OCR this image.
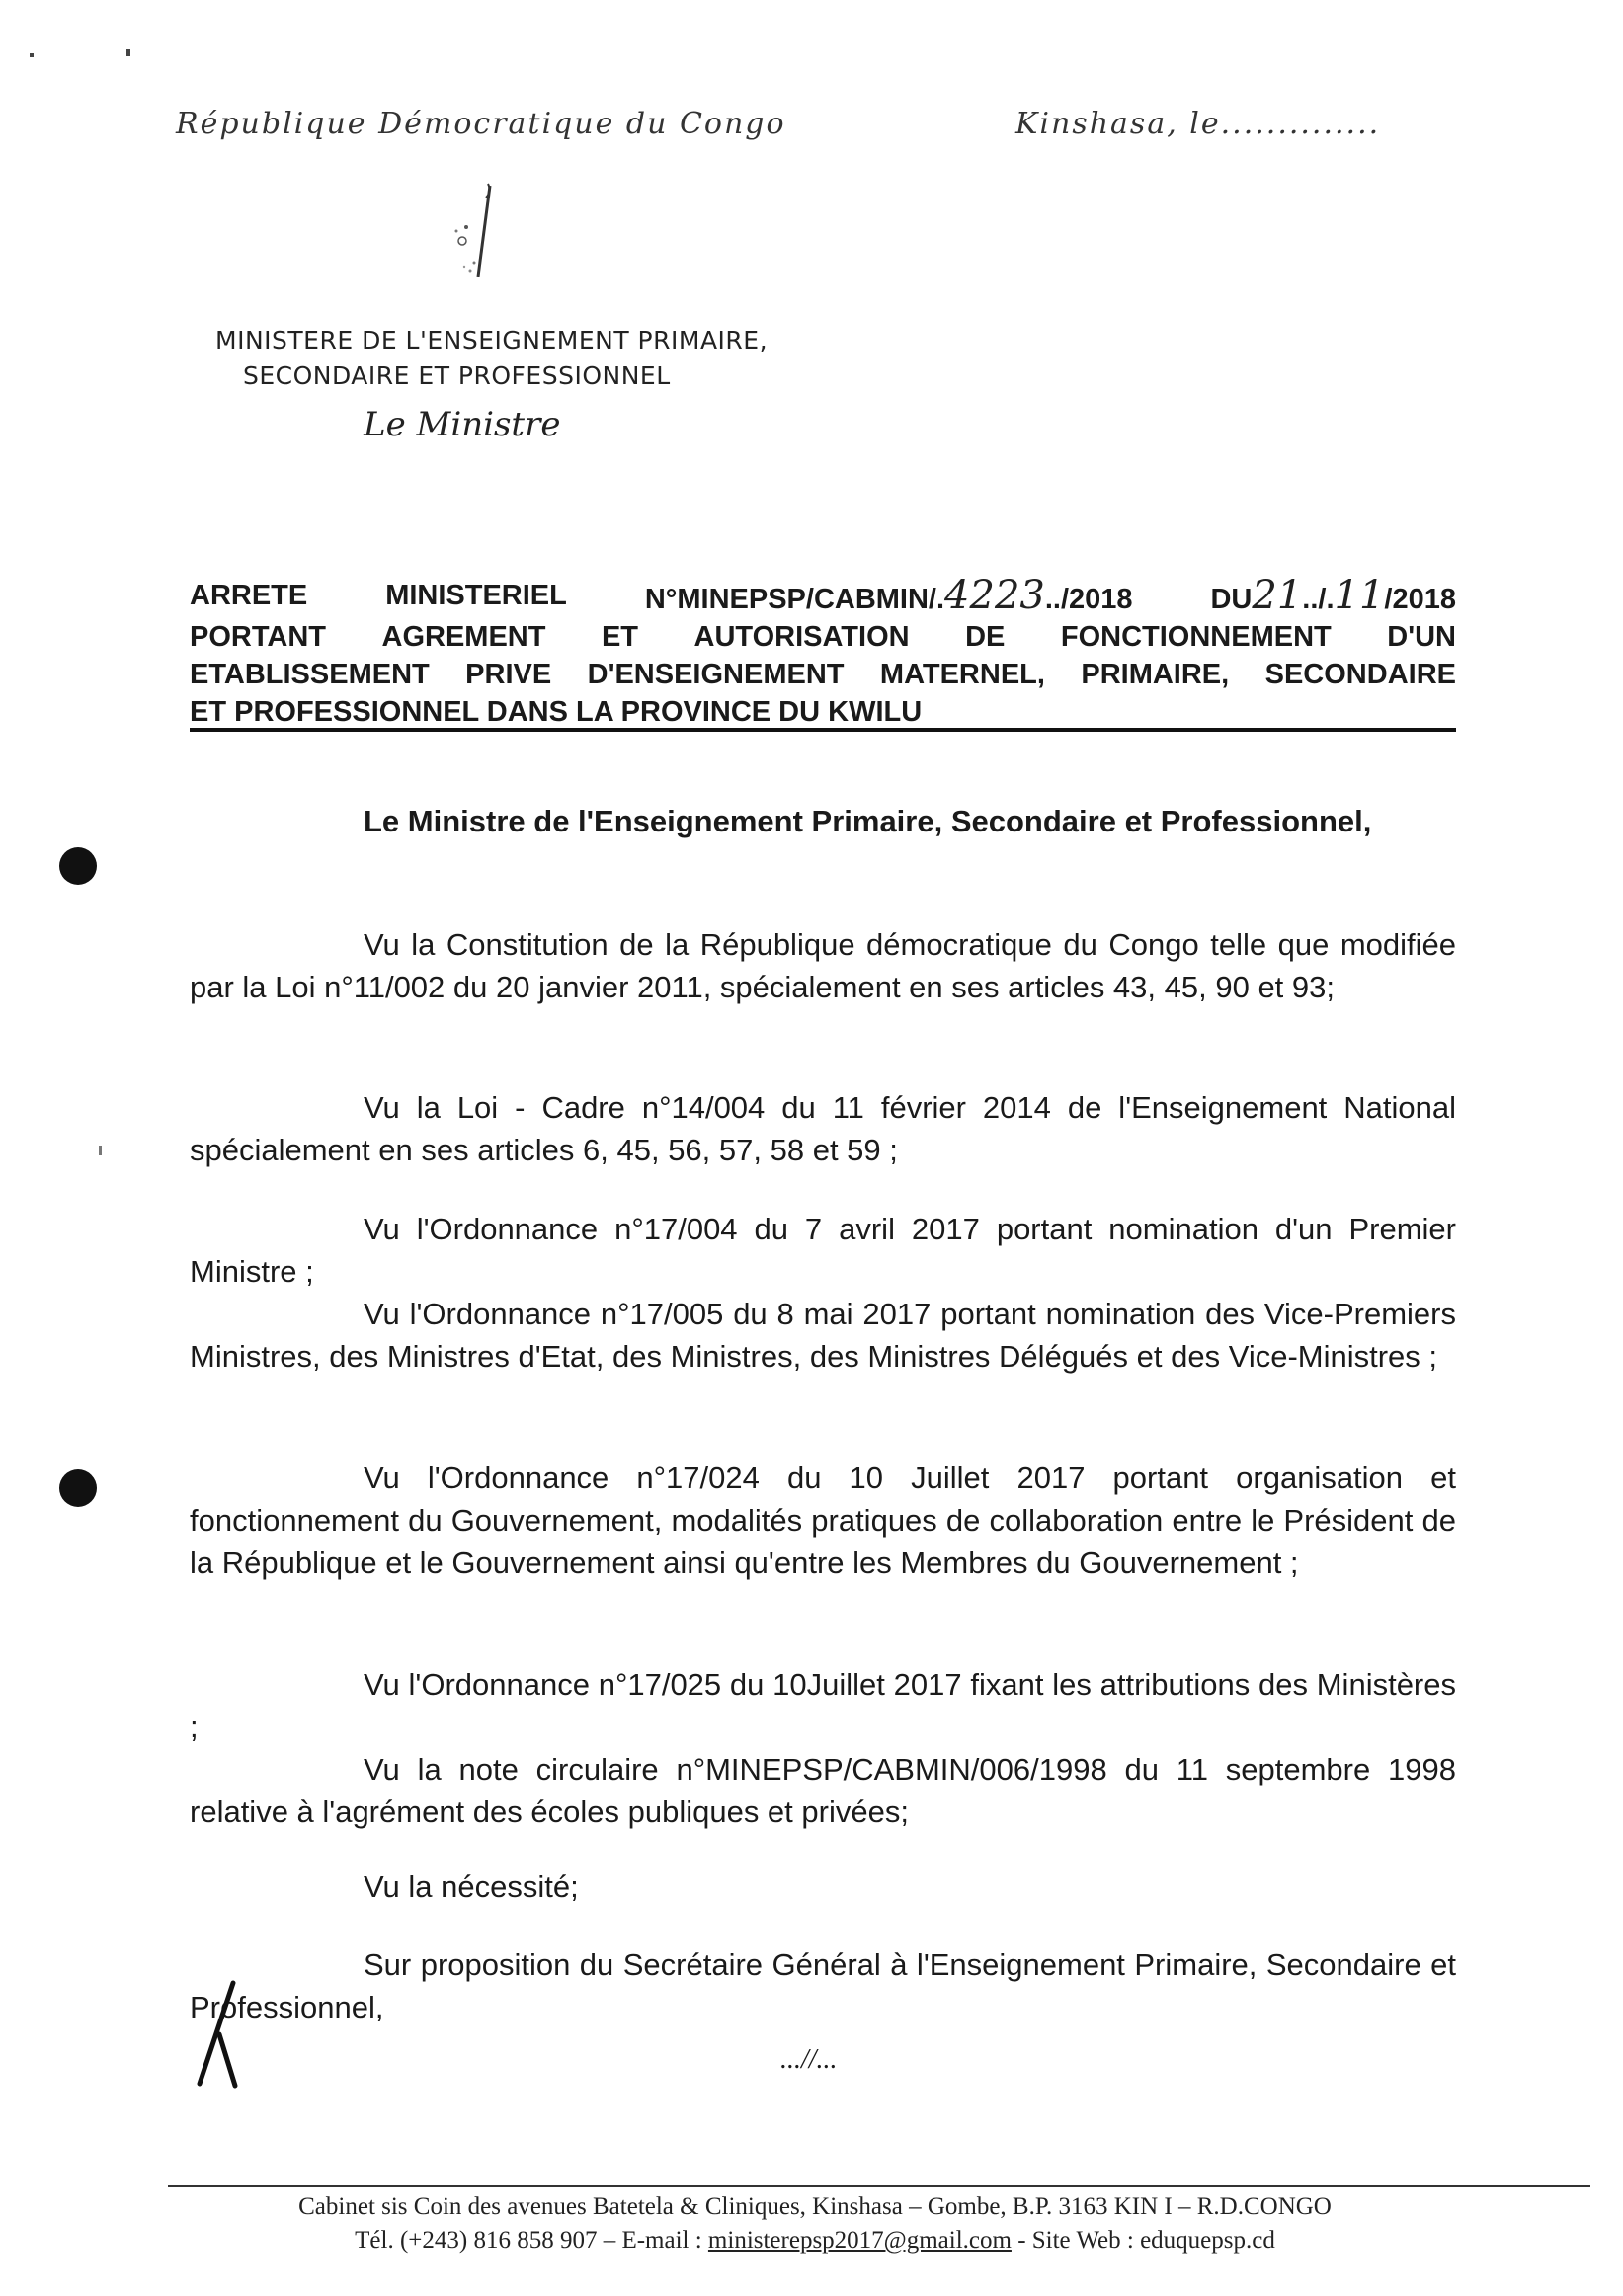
République Démocratique du Congo	Kinshasa, le..............
MINISTERE DE L'ENSEIGNEMENT PRIMAIRE,
SECONDAIRE ET PROFESSIONNEL
Le Ministre
ARRETE	MINISTERIEL	N°MINEPSP/CABMIN/.4223../2018	DU21../.11/2018
PORTANT AGREMENT ET AUTORISATION DE FONCTIONNEMENT D'UN
ETABLISSEMENT PRIVE D'ENSEIGNEMENT MATERNEL, PRIMAIRE, SECONDAIRE
ET PROFESSIONNEL DANS LA PROVINCE DU KWILU

Le Ministre de l'Enseignement Primaire, Secondaire et Professionnel,

Vu la Constitution de la République démocratique du Congo telle que modifiée par la Loi n°11/002 du 20 janvier 2011, spécialement en ses articles 43, 45, 90 et 93;

Vu la Loi - Cadre n°14/004 du 11 février 2014 de l'Enseignement National spécialement en ses articles 6, 45, 56, 57, 58 et 59 ;

Vu l'Ordonnance n°17/004 du 7 avril 2017 portant nomination d'un Premier Ministre ;

Vu l'Ordonnance n°17/005 du 8 mai 2017 portant nomination des Vice-Premiers Ministres, des Ministres d'Etat, des Ministres, des Ministres Délégués et des Vice-Ministres ;

Vu l'Ordonnance n°17/024 du 10 Juillet 2017 portant organisation et fonctionnement du Gouvernement, modalités pratiques de collaboration entre le Président de la République et le Gouvernement ainsi qu'entre les Membres du Gouvernement ;

Vu l'Ordonnance n°17/025 du 10Juillet 2017 fixant les attributions des Ministères ;

Vu la note circulaire n°MINEPSP/CABMIN/006/1998 du 11 septembre 1998 relative à l'agrément des écoles publiques et privées;

Vu la nécessité;

Sur proposition du Secrétaire Général à l'Enseignement Primaire, Secondaire et Professionnel,

...//...
Cabinet sis Coin des avenues Batetela & Cliniques, Kinshasa – Gombe, B.P. 3163 KIN I – R.D.CONGO
Tél. (+243) 816 858 907 – E-mail : ministerepsp2017@gmail.com - Site Web : eduquepsp.cd
